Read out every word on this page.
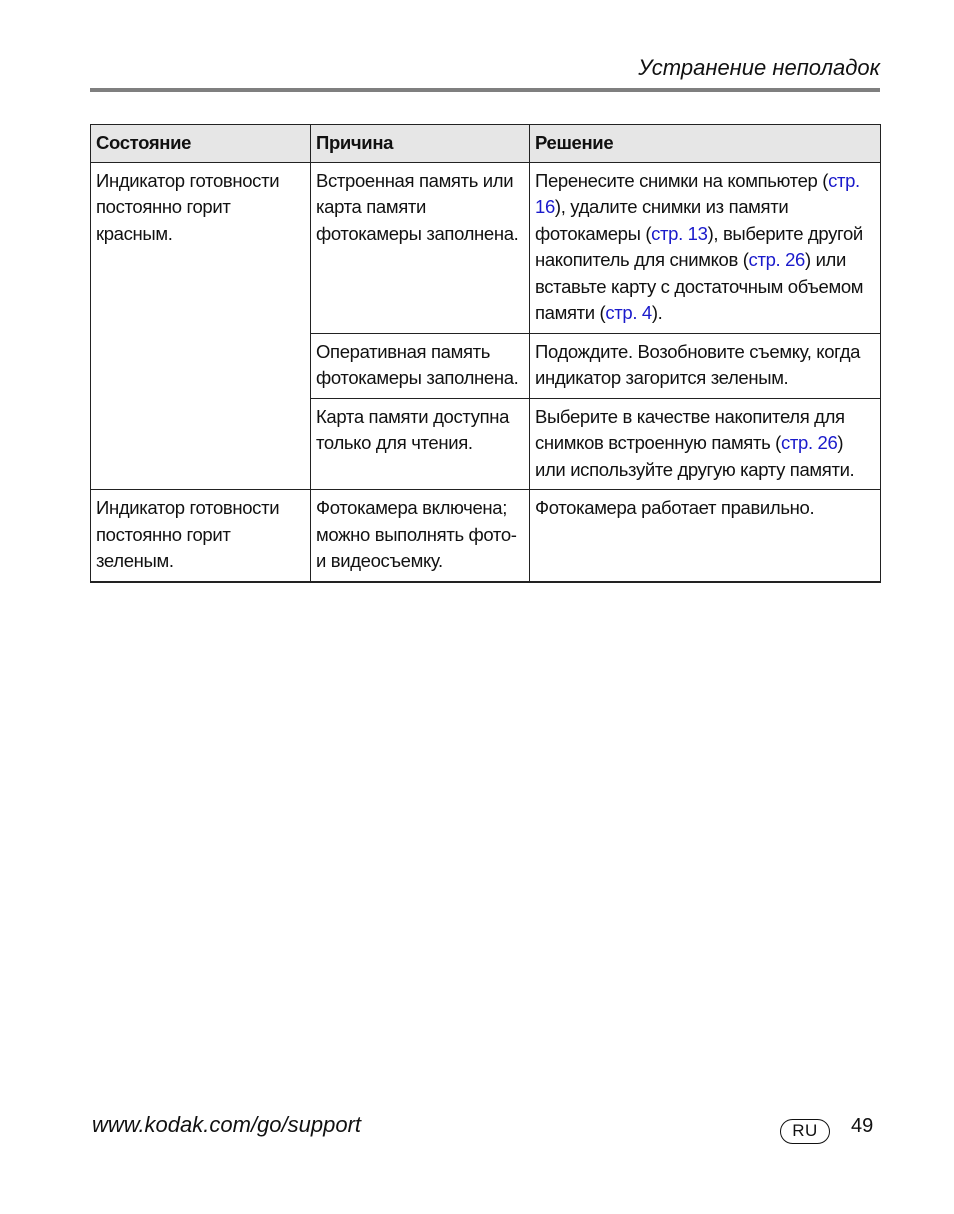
Устранение неполадок
Состояние	Причина	Решение
Индикатор готовности постоянно горит красным.	Встроенная память или карта памяти фотокамеры заполнена.	Перенесите снимки на компьютер (стр. 16), удалите снимки из памяти фотокамеры (стр. 13), выберите другой накопитель для снимков (стр. 26) или вставьте карту с достаточным объемом памяти (стр. 4).
	Оперативная память фотокамеры заполнена.	Подождите. Возобновите съемку, когда индикатор загорится зеленым.
	Карта памяти доступна только для чтения.	Выберите в качестве накопителя для снимков встроенную память (стр. 26) или используйте другую карту памяти.
Индикатор готовности постоянно горит зеленым.	Фотокамера включена; можно выполнять фото- и видеосъемку.	Фотокамера работает правильно.
www.kodak.com/go/support	RU	49
